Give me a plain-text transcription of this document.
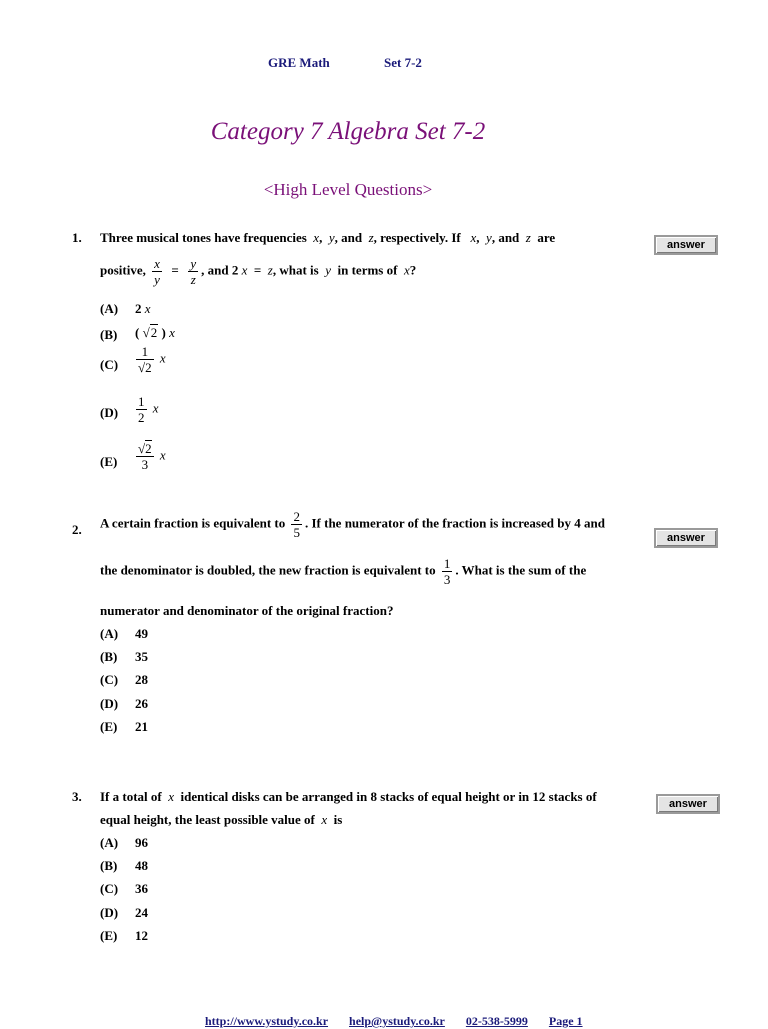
GRE Math	Set 7-2
Category 7 Algebra Set 7-2
<High Level Questions>
1. Three musical tones have frequencies x, y, and z, respectively. If x, y, and z are	answer
positive, $\frac{x}{y} = \frac{y}{z}$ , and 2 x = z, what is y in terms of x?
(A) 2 x
(B) ( √2 ) x
$(C) \frac{1}{√2}$ x
$(D) \frac{1}{2}$ x
$(E) \frac{√2}{3}$ x
2. A certain fraction is equivalent to $\frac{2}{5}$ . If the numerator of the fraction is increased by 4 and
answer
the denominator is doubled, the new fraction is equivalent to $\frac{1}{3}$ . What is the sum of the
numerator and denominator of the original fraction?
(A) 49
(B) 35
(C) 28
(D) 26
(E) 21
3. If a total of x identical disks can be arranged in 8 stacks of equal height or in 12 stacks of	answer
equal height, the least possible value of x is
(A) 96
(B) 48
(C) 36
(D) 24
(E) 12
http://www.ystudy.co.kr help@ystudy.co.kr 02-538-5999 Page 1
